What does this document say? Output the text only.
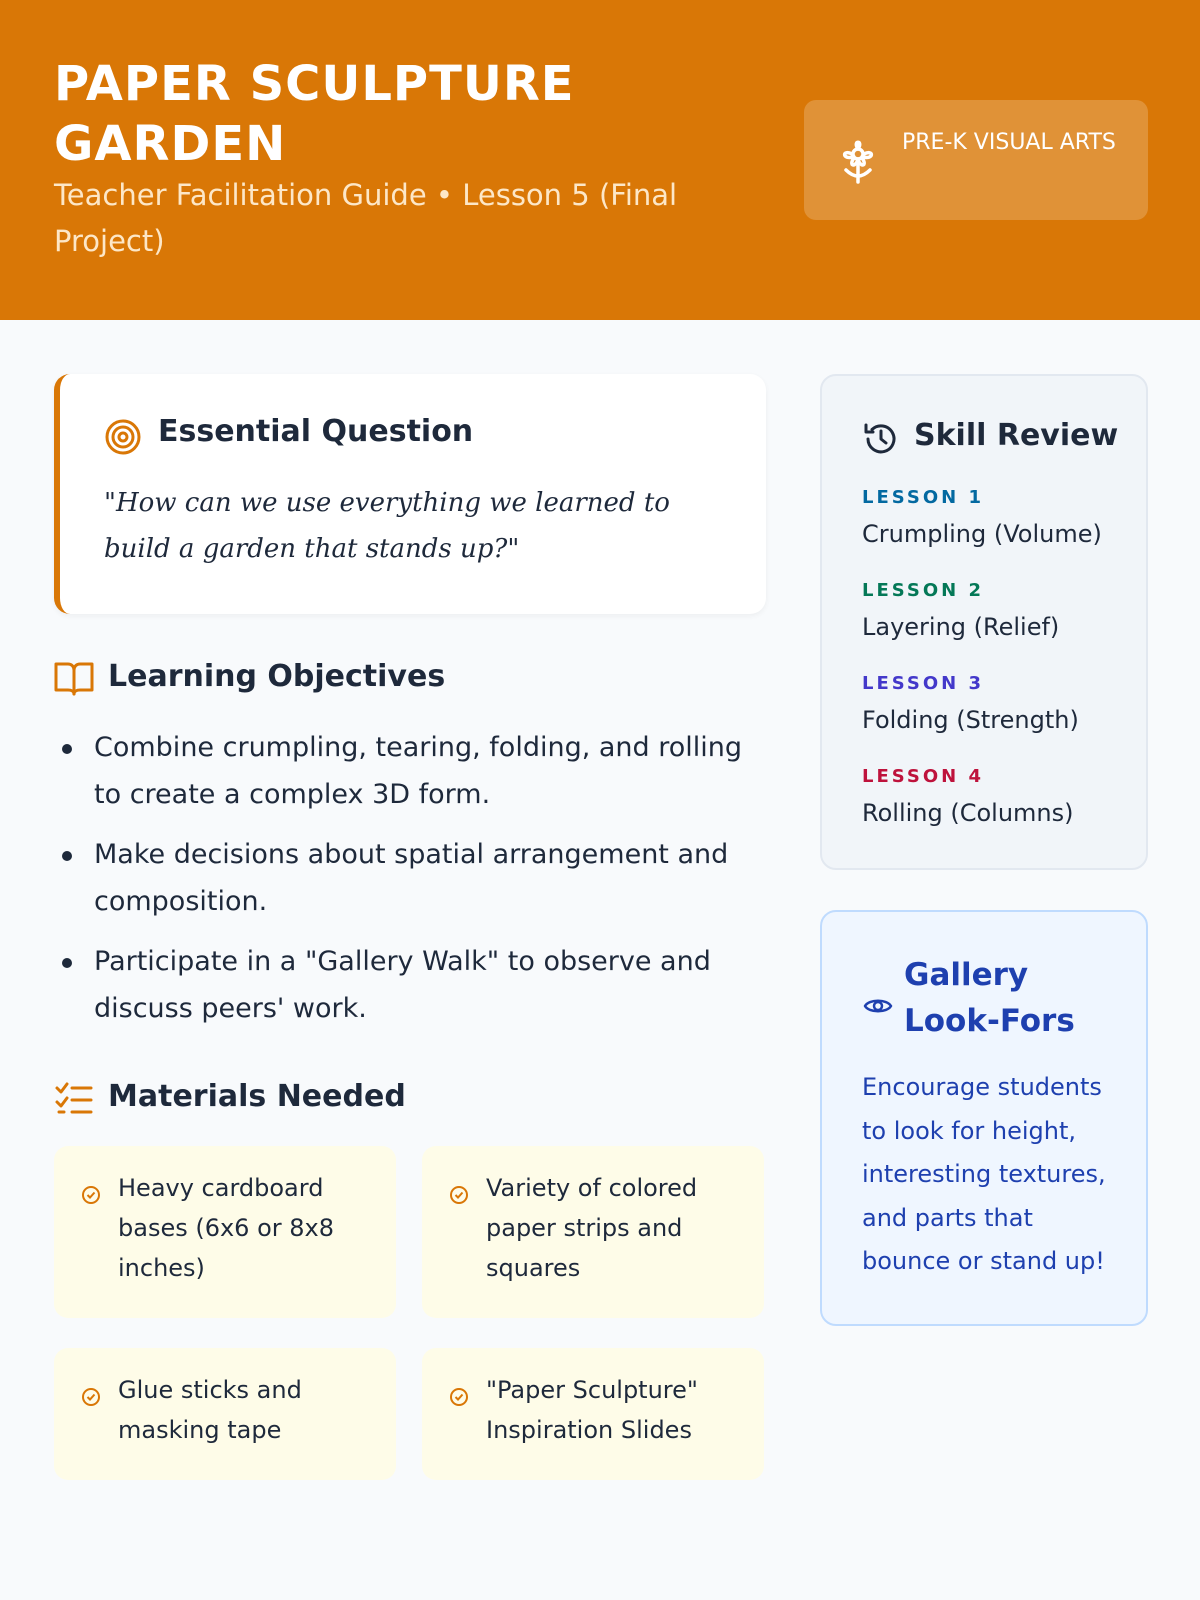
PAPER SCULPTURE GARDEN
Teacher Facilitation Guide • Lesson 5 (Final Project)
PRE-K VISUAL ARTS
Essential Question
"How can we use everything we learned to build a garden that stands up?"
Learning Objectives
Combine crumpling, tearing, folding, and rolling to create a complex 3D form.
Make decisions about spatial arrangement and composition.
Participate in a "Gallery Walk" to observe and discuss peers' work.
Materials Needed
Heavy cardboard bases (6x6 or 8x8 inches)
Variety of colored paper strips and squares
Glue sticks and masking tape
"Paper Sculpture" Inspiration Slides
Skill Review
LESSON 1
Crumpling (Volume)
LESSON 2
Layering (Relief)
LESSON 3
Folding (Strength)
LESSON 4
Rolling (Columns)
Gallery Look-Fors
Encourage students to look for height, interesting textures, and parts that bounce or stand up!
